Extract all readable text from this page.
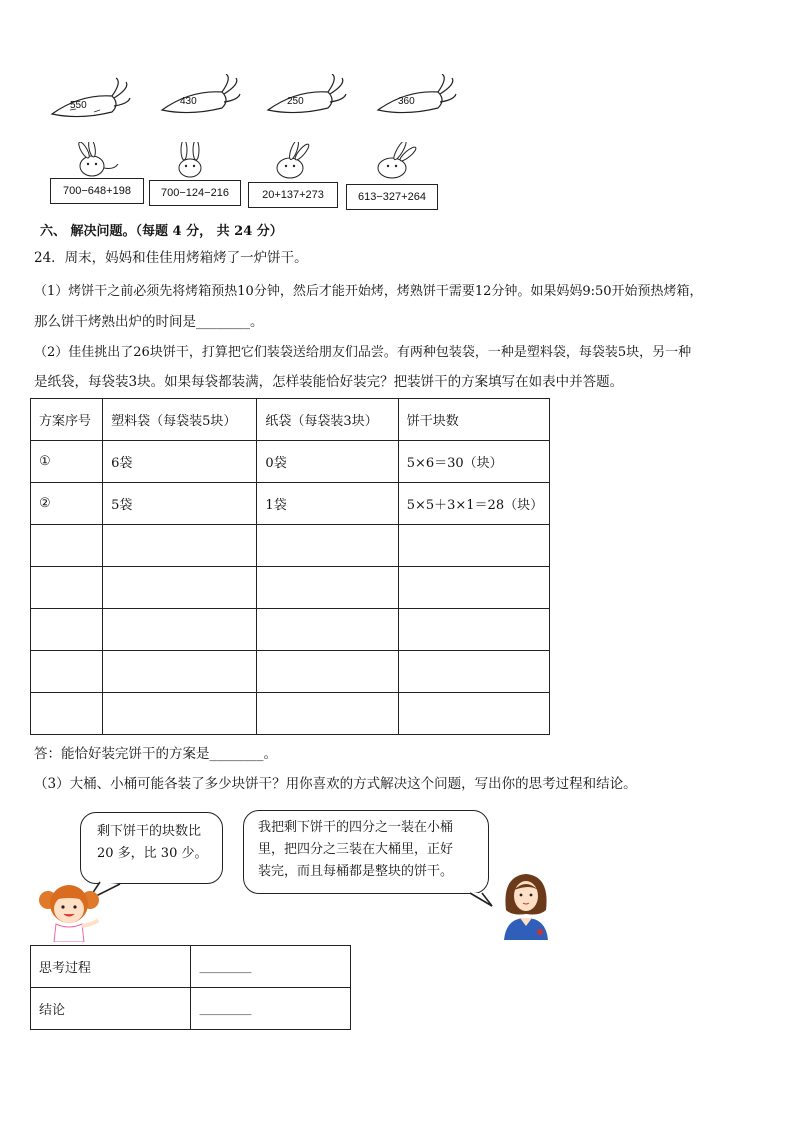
550	430	250	360
700−648+198	700−124−216	20+137+273	613−327+264
六、 解决问题。（每题 4 分， 共 24 分）
24．周末，妈妈和佳佳用烤箱烤了一炉饼干。
（1）烤饼干之前必须先将烤箱预热10分钟，然后才能开始烤，烤熟饼干需要12分钟。如果妈妈9:50开始预热烤箱，
那么饼干烤熟出炉的时间是________。
（2）佳佳挑出了26块饼干，打算把它们装袋送给朋友们品尝。有两种包装袋，一种是塑料袋，每袋装5块，另一种
是纸袋，每袋装3块。如果每袋都装满，怎样装能恰好装完？把装饼干的方案填写在如表中并答题。
方案序号	塑料袋（每袋装5块）	纸袋（每袋装3块）	饼干块数
①	6袋	0袋	5×6＝30（块）
②	5袋	1袋	5×5＋3×1＝28（块）

答：能恰好装完饼干的方案是________。
（3）大桶、小桶可能各装了多少块饼干？用你喜欢的方式解决这个问题，写出你的思考过程和结论。
剩下饼干的块数比
20 多，比 30 少。
我把剩下饼干的四分之一装在小桶
里，把四分之三装在大桶里，正好
装完，而且每桶都是整块的饼干。
思考过程	________
结论	________
